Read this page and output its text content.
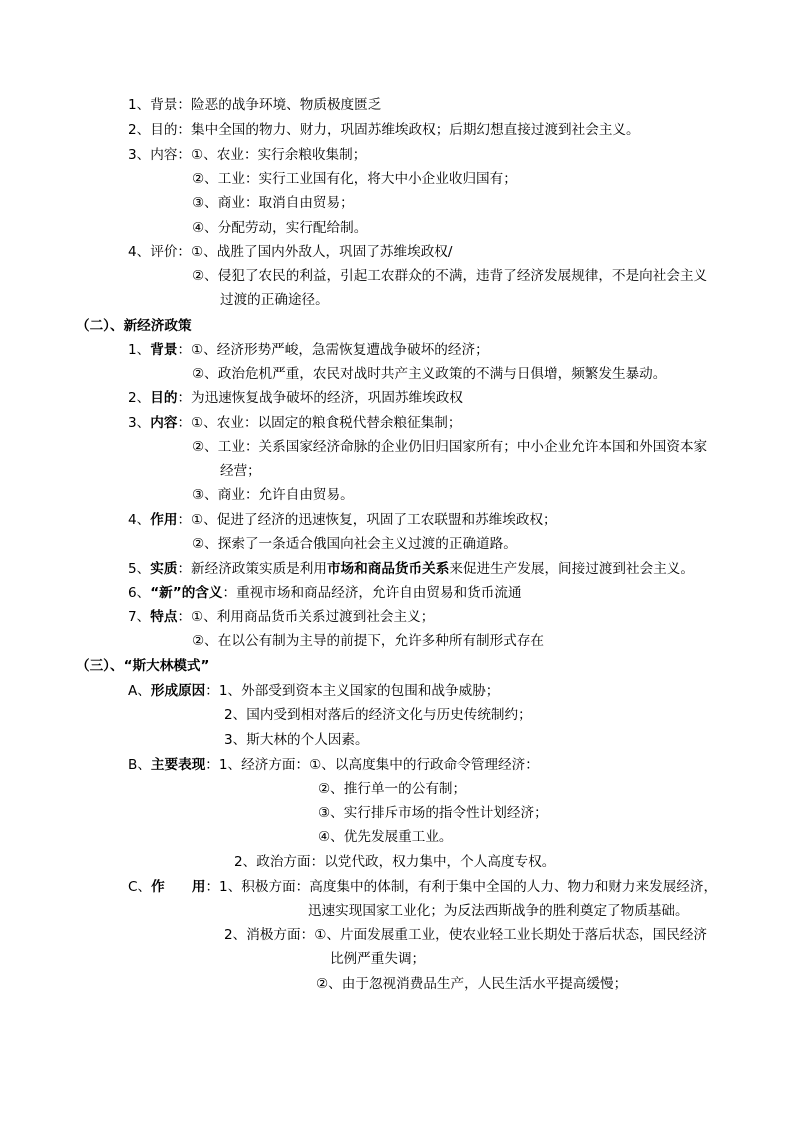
1、背景：险恶的战争环境、物质极度匮乏
2、目的：集中全国的物力、财力，巩固苏维埃政权；后期幻想直接过渡到社会主义。
3、内容：①、农业：实行余粮收集制；
②、工业：实行工业国有化，将大中小企业收归国有；
③、商业：取消自由贸易；
④、分配劳动，实行配给制。
4、评价：①、战胜了国内外敌人，巩固了苏维埃政权/
②、侵犯了农民的利益，引起工农群众的不满，违背了经济发展规律，不是向社会主义
过渡的正确途径。
（二）、新经济政策
1、背景：①、经济形势严峻，急需恢复遭战争破坏的经济；
②、政治危机严重，农民对战时共产主义政策的不满与日俱增，频繁发生暴动。
2、目的：为迅速恢复战争破坏的经济，巩固苏维埃政权
3、内容：①、农业：以固定的粮食税代替余粮征集制；
②、工业：关系国家经济命脉的企业仍旧归国家所有；中小企业允许本国和外国资本家
经营；
③、商业：允许自由贸易。
4、作用：①、促进了经济的迅速恢复，巩固了工农联盟和苏维埃政权；
②、探索了一条适合俄国向社会主义过渡的正确道路。
5、实质：新经济政策实质是利用市场和商品货币关系来促进生产发展，间接过渡到社会主义。
6、“新”的含义：重视市场和商品经济，允许自由贸易和货币流通
7、特点：①、利用商品货币关系过渡到社会主义；
②、在以公有制为主导的前提下，允许多种所有制形式存在
（三）、“斯大林模式”
A、形成原因：1、外部受到资本主义国家的包围和战争威胁；
2、国内受到相对落后的经济文化与历史传统制约；
3、斯大林的个人因素。
B、主要表现：1、经济方面：①、以高度集中的行政命令管理经济：
②、推行单一的公有制；
③、实行排斥市场的指令性计划经济；
④、优先发展重工业。
2、政治方面：以党代政，权力集中，个人高度专权。
C、作　　用：1、积极方面：高度集中的体制，有利于集中全国的人力、物力和财力来发展经济，
迅速实现国家工业化；为反法西斯战争的胜利奠定了物质基础。
2、消极方面：①、片面发展重工业，使农业轻工业长期处于落后状态，国民经济
比例严重失调；
②、由于忽视消费品生产，人民生活水平提高缓慢；
